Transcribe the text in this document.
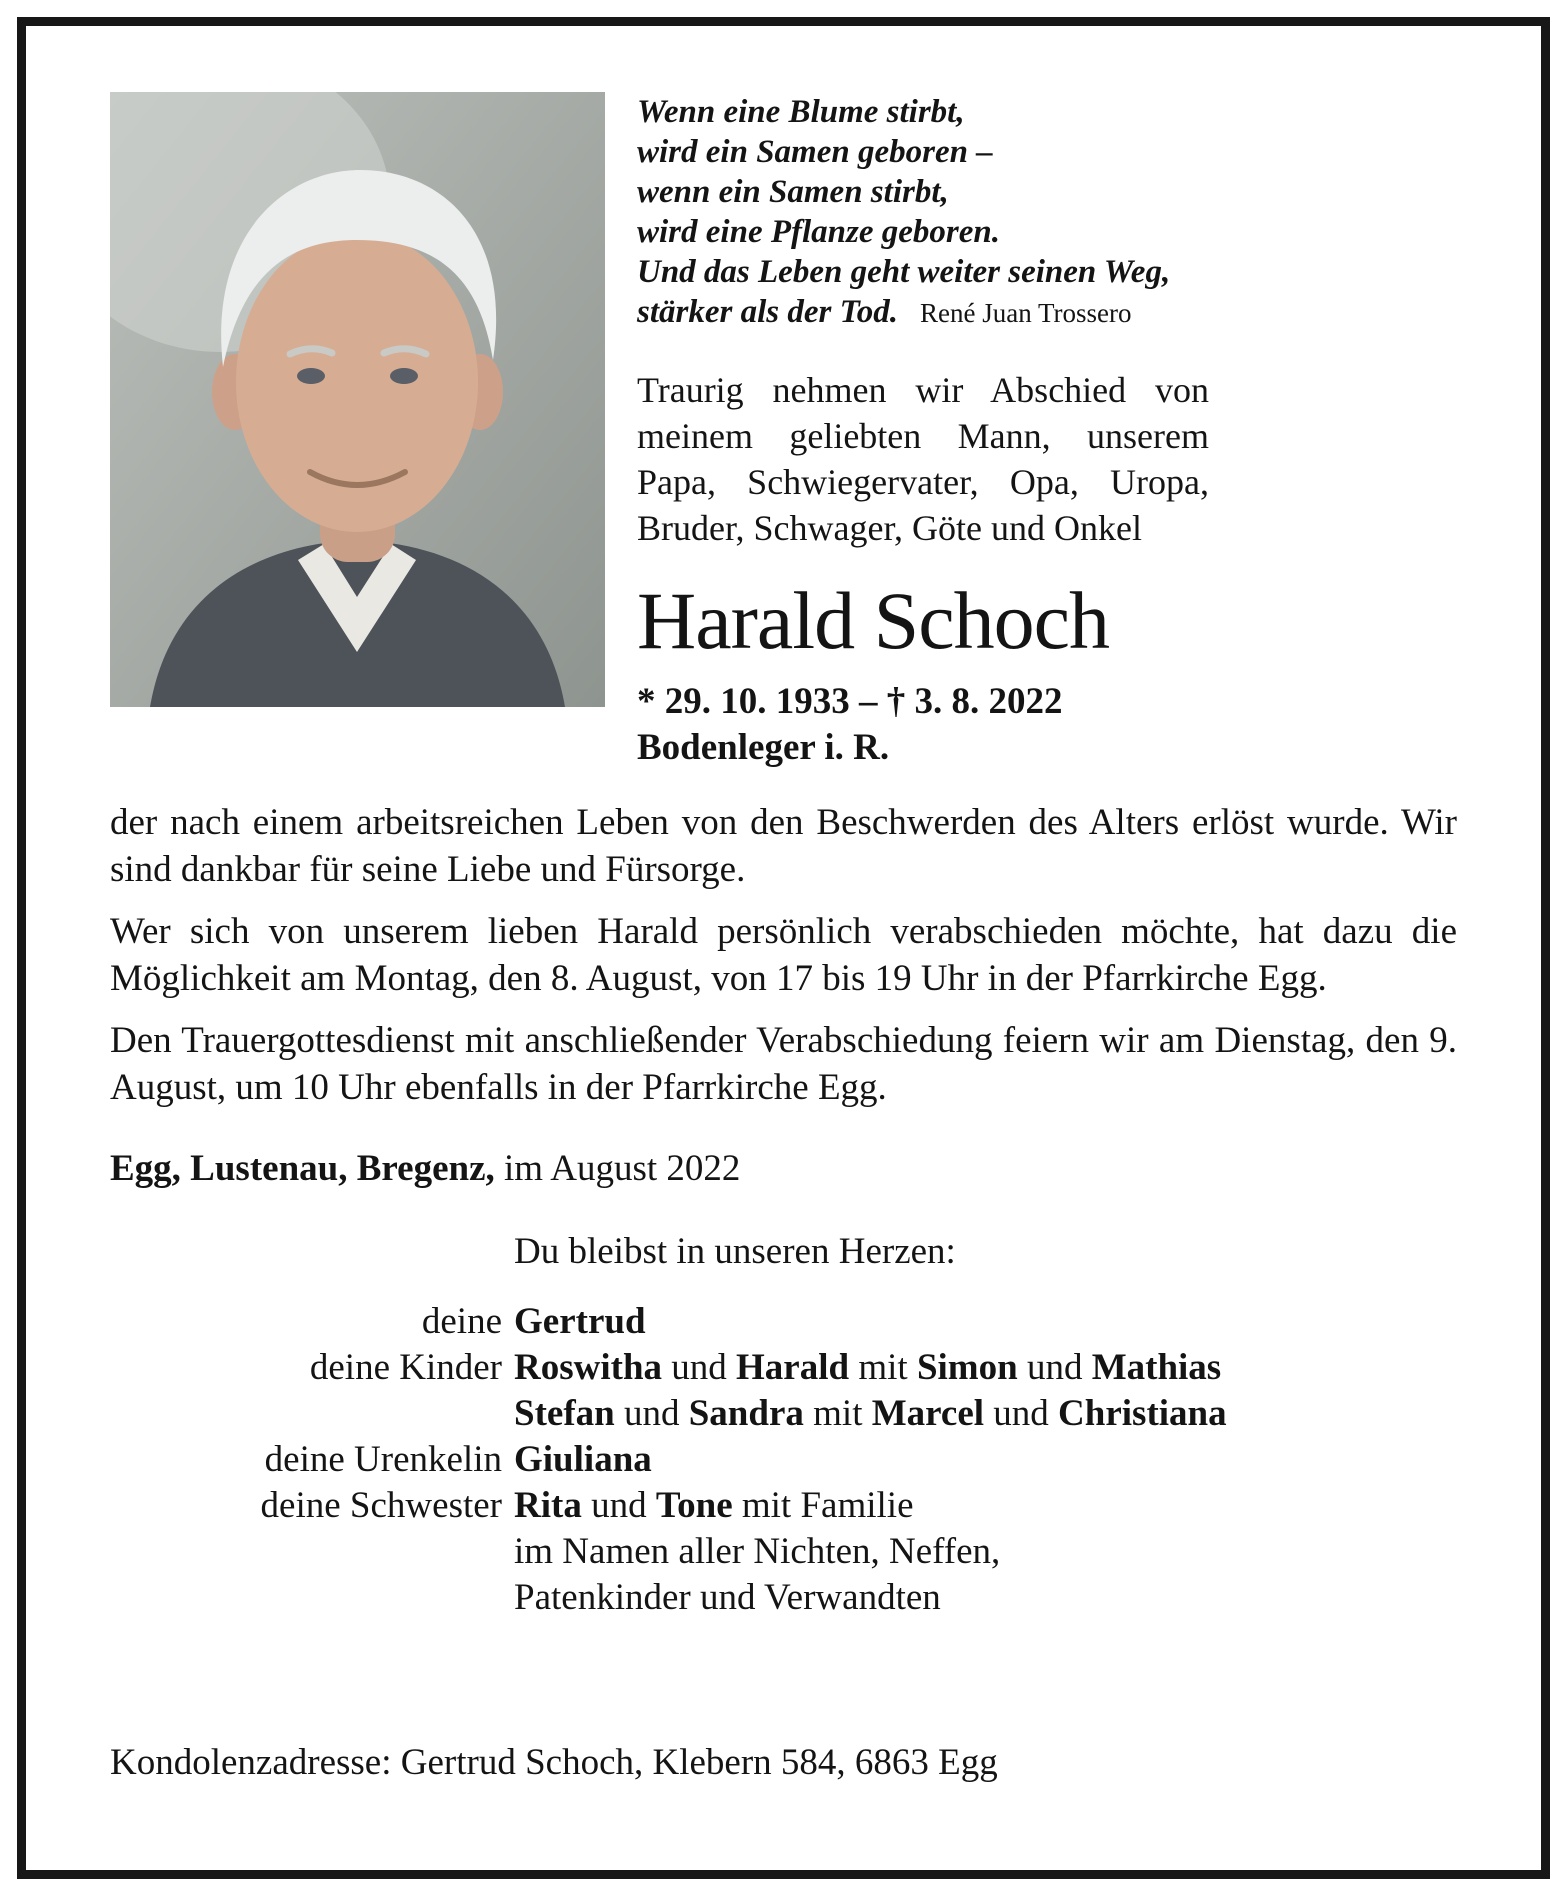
Wenn eine Blume stirbt,
wird ein Samen geboren –
wenn ein Samen stirbt,
wird eine Pflanze geboren.
Und das Leben geht weiter seinen Weg,
stärker als der Tod. René Juan Trossero

Traurig nehmen wir Abschied von meinem geliebten Mann, unserem Papa, Schwiegervater, Opa, Uropa, Bruder, Schwager, Göte und Onkel

Harald Schoch
* 29. 10. 1933 – † 3. 8. 2022
Bodenleger i. R.

der nach einem arbeitsreichen Leben von den Beschwerden des Alters erlöst wurde. Wir sind dankbar für seine Liebe und Fürsorge.

Wer sich von unserem lieben Harald persönlich verabschieden möchte, hat dazu die Möglichkeit am Montag, den 8. August, von 17 bis 19 Uhr in der Pfarrkirche Egg.

Den Trauergottesdienst mit anschließender Verabschiedung feiern wir am Dienstag, den 9. August, um 10 Uhr ebenfalls in der Pfarrkirche Egg.

Egg, Lustenau, Bregenz, im August 2022

Du bleibst in unseren Herzen:
deine Gertrud
deine Kinder Roswitha und Harald mit Simon und Mathias
Stefan und Sandra mit Marcel und Christiana
deine Urenkelin Giuliana
deine Schwester Rita und Tone mit Familie
im Namen aller Nichten, Neffen,
Patenkinder und Verwandten

Kondolenzadresse: Gertrud Schoch, Klebern 584, 6863 Egg
